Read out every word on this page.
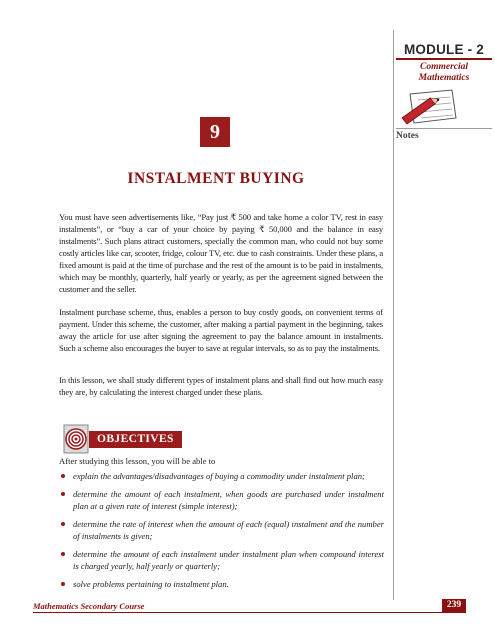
MODULE - 2
Commercial
Mathematics
Notes
9
INSTALMENT BUYING

You must have seen advertisements like, “Pay just ₹ 500 and take home a color TV, rest in easy instalments”, or “buy a car of your choice by paying ₹ 50,000 and the balance in easy instalments”. Such plans attract customers, specially the common man, who could not buy some costly articles like car, scooter, fridge, colour TV, etc. due to cash constraints. Under these plans, a fixed amount is paid at the time of purchase and the rest of the amount is to be paid in instalments, which may be monthly, quarterly, half yearly or yearly, as per the agreement signed between the customer and the seller.

Instalment purchase scheme, thus, enables a person to buy costly goods, on convenient terms of payment. Under this scheme, the customer, after making a partial payment in the beginning, takes away the article for use after signing the agreement to pay the balance amount in instalments. Such a scheme also encourages the buyer to save at regular intervals, so as to pay the instalments.

In this lesson, we shall study different types of instalment plans and shall find out how much easy they are, by calculating the interest charged under these plans.

OBJECTIVES
After studying this lesson, you will be able to
explain the advantages/disadvantages of buying a commodity under instalment plan;
determine the amount of each instalment, when goods are purchased under instalment plan at a given rate of interest (simple interest);
determine the rate of interest when the amount of each (equal) instalment and the number of instalments is given;
determine the amount of each instalment under instalment plan when compound interest is charged yearly, half yearly or quarterly;
solve problems pertaining to instalment plan.
Mathematics Secondary Course	239
